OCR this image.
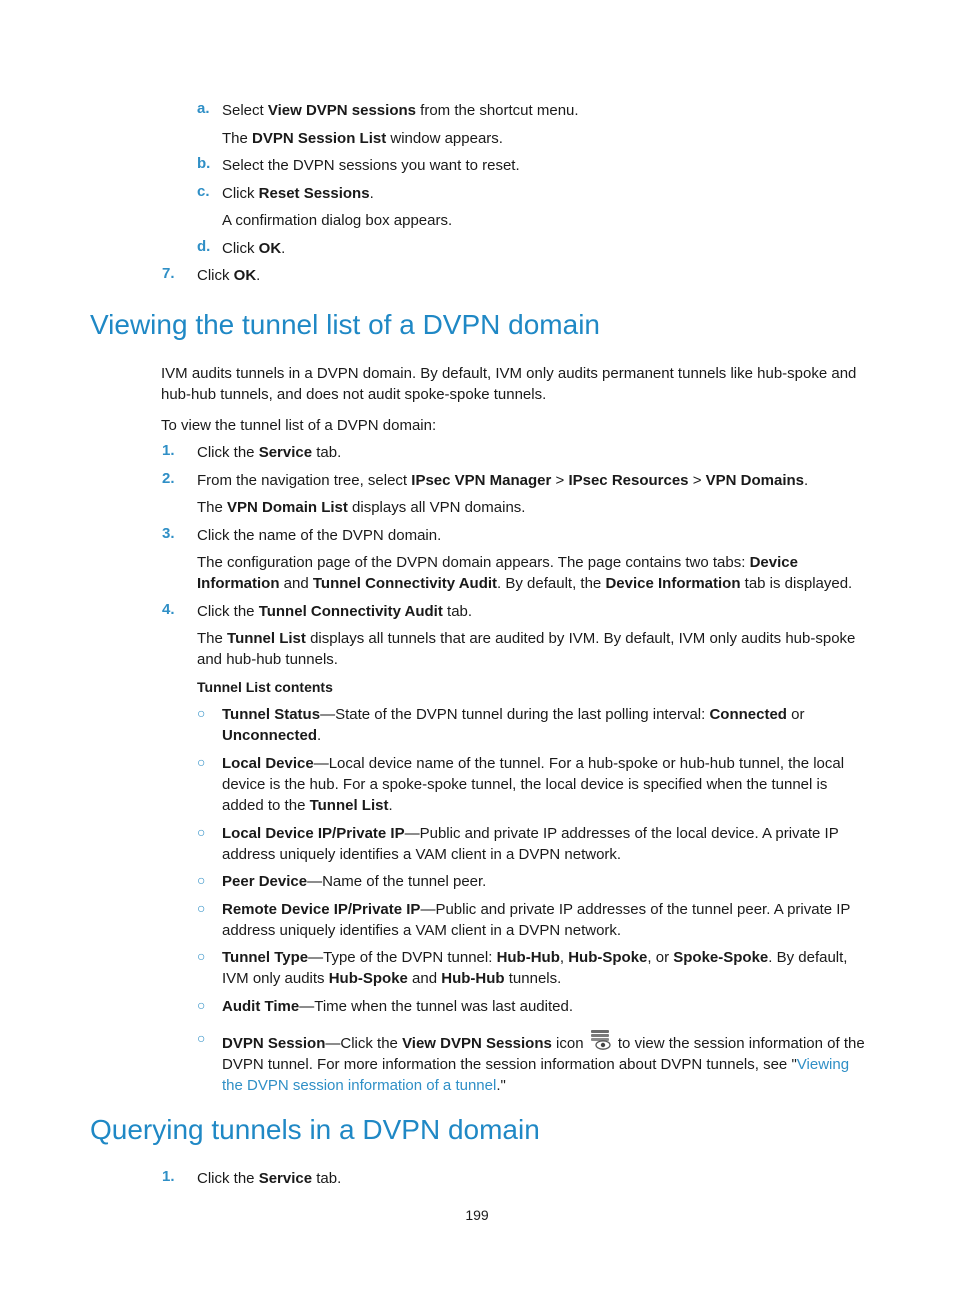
a. Select View DVPN sessions from the shortcut menu.
The DVPN Session List window appears.
b. Select the DVPN sessions you want to reset.
c. Click Reset Sessions.
A confirmation dialog box appears.
d. Click OK.
7. Click OK.
Viewing the tunnel list of a DVPN domain
IVM audits tunnels in a DVPN domain. By default, IVM only audits permanent tunnels like hub-spoke and hub-hub tunnels, and does not audit spoke-spoke tunnels.
To view the tunnel list of a DVPN domain:
1. Click the Service tab.
2. From the navigation tree, select IPsec VPN Manager > IPsec Resources > VPN Domains.
The VPN Domain List displays all VPN domains.
3. Click the name of the DVPN domain.
The configuration page of the DVPN domain appears. The page contains two tabs: Device Information and Tunnel Connectivity Audit. By default, the Device Information tab is displayed.
4. Click the Tunnel Connectivity Audit tab.
The Tunnel List displays all tunnels that are audited by IVM. By default, IVM only audits hub-spoke and hub-hub tunnels.
Tunnel List contents
○ Tunnel Status—State of the DVPN tunnel during the last polling interval: Connected or Unconnected.
○ Local Device—Local device name of the tunnel. For a hub-spoke or hub-hub tunnel, the local device is the hub. For a spoke-spoke tunnel, the local device is specified when the tunnel is added to the Tunnel List.
○ Local Device IP/Private IP—Public and private IP addresses of the local device. A private IP address uniquely identifies a VAM client in a DVPN network.
○ Peer Device—Name of the tunnel peer.
○ Remote Device IP/Private IP—Public and private IP addresses of the tunnel peer. A private IP address uniquely identifies a VAM client in a DVPN network.
○ Tunnel Type—Type of the DVPN tunnel: Hub-Hub, Hub-Spoke, or Spoke-Spoke. By default, IVM only audits Hub-Spoke and Hub-Hub tunnels.
○ Audit Time—Time when the tunnel was last audited.
○ DVPN Session—Click the View DVPN Sessions icon  to view the session information of the DVPN tunnel. For more information the session information about DVPN tunnels, see "Viewing the DVPN session information of a tunnel."
Querying tunnels in a DVPN domain
1. Click the Service tab.
199
